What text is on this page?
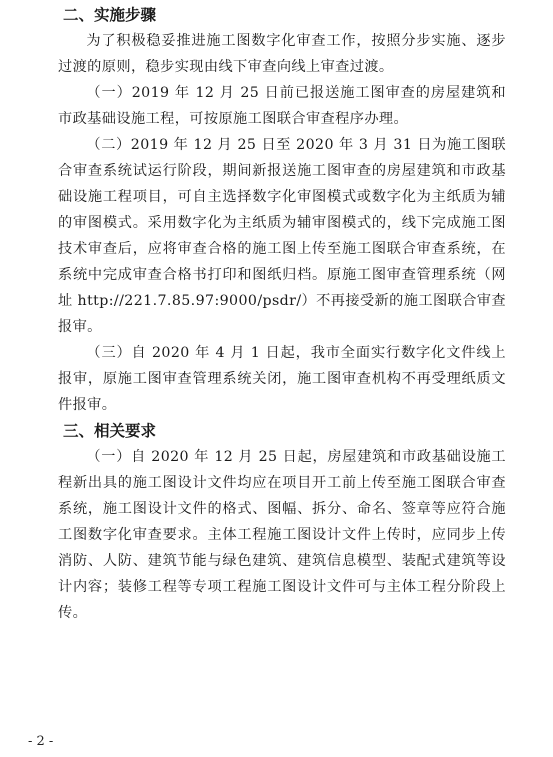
二、实施步骤

为了积极稳妥推进施工图数字化审查工作，按照分步实施、逐步过渡的原则，稳步实现由线下审查向线上审查过渡。

（一）2019 年 12 月 25 日前已报送施工图审查的房屋建筑和市政基础设施工程，可按原施工图联合审查程序办理。

（二）2019 年 12 月 25 日至 2020 年 3 月 31 日为施工图联合审查系统试运行阶段，期间新报送施工图审查的房屋建筑和市政基础设施工程项目，可自主选择数字化审图模式或数字化为主纸质为辅的审图模式。采用数字化为主纸质为辅审图模式的，线下完成施工图技术审查后，应将审查合格的施工图上传至施工图联合审查系统，在系统中完成审查合格书打印和图纸归档。原施工图审查管理系统（网址 http://221.7.85.97:9000/psdr/）不再接受新的施工图联合审查报审。

（三）自 2020 年 4 月 1 日起，我市全面实行数字化文件线上报审，原施工图审查管理系统关闭，施工图审查机构不再受理纸质文件报审。

三、相关要求

（一）自 2020 年 12 月 25 日起，房屋建筑和市政基础设施工程新出具的施工图设计文件均应在项目开工前上传至施工图联合审查系统，施工图设计文件的格式、图幅、拆分、命名、签章等应符合施工图数字化审查要求。主体工程施工图设计文件上传时，应同步上传消防、人防、建筑节能与绿色建筑、建筑信息模型、装配式建筑等设计内容；装修工程等专项工程施工图设计文件可与主体工程分阶段上传。

- 2 -
